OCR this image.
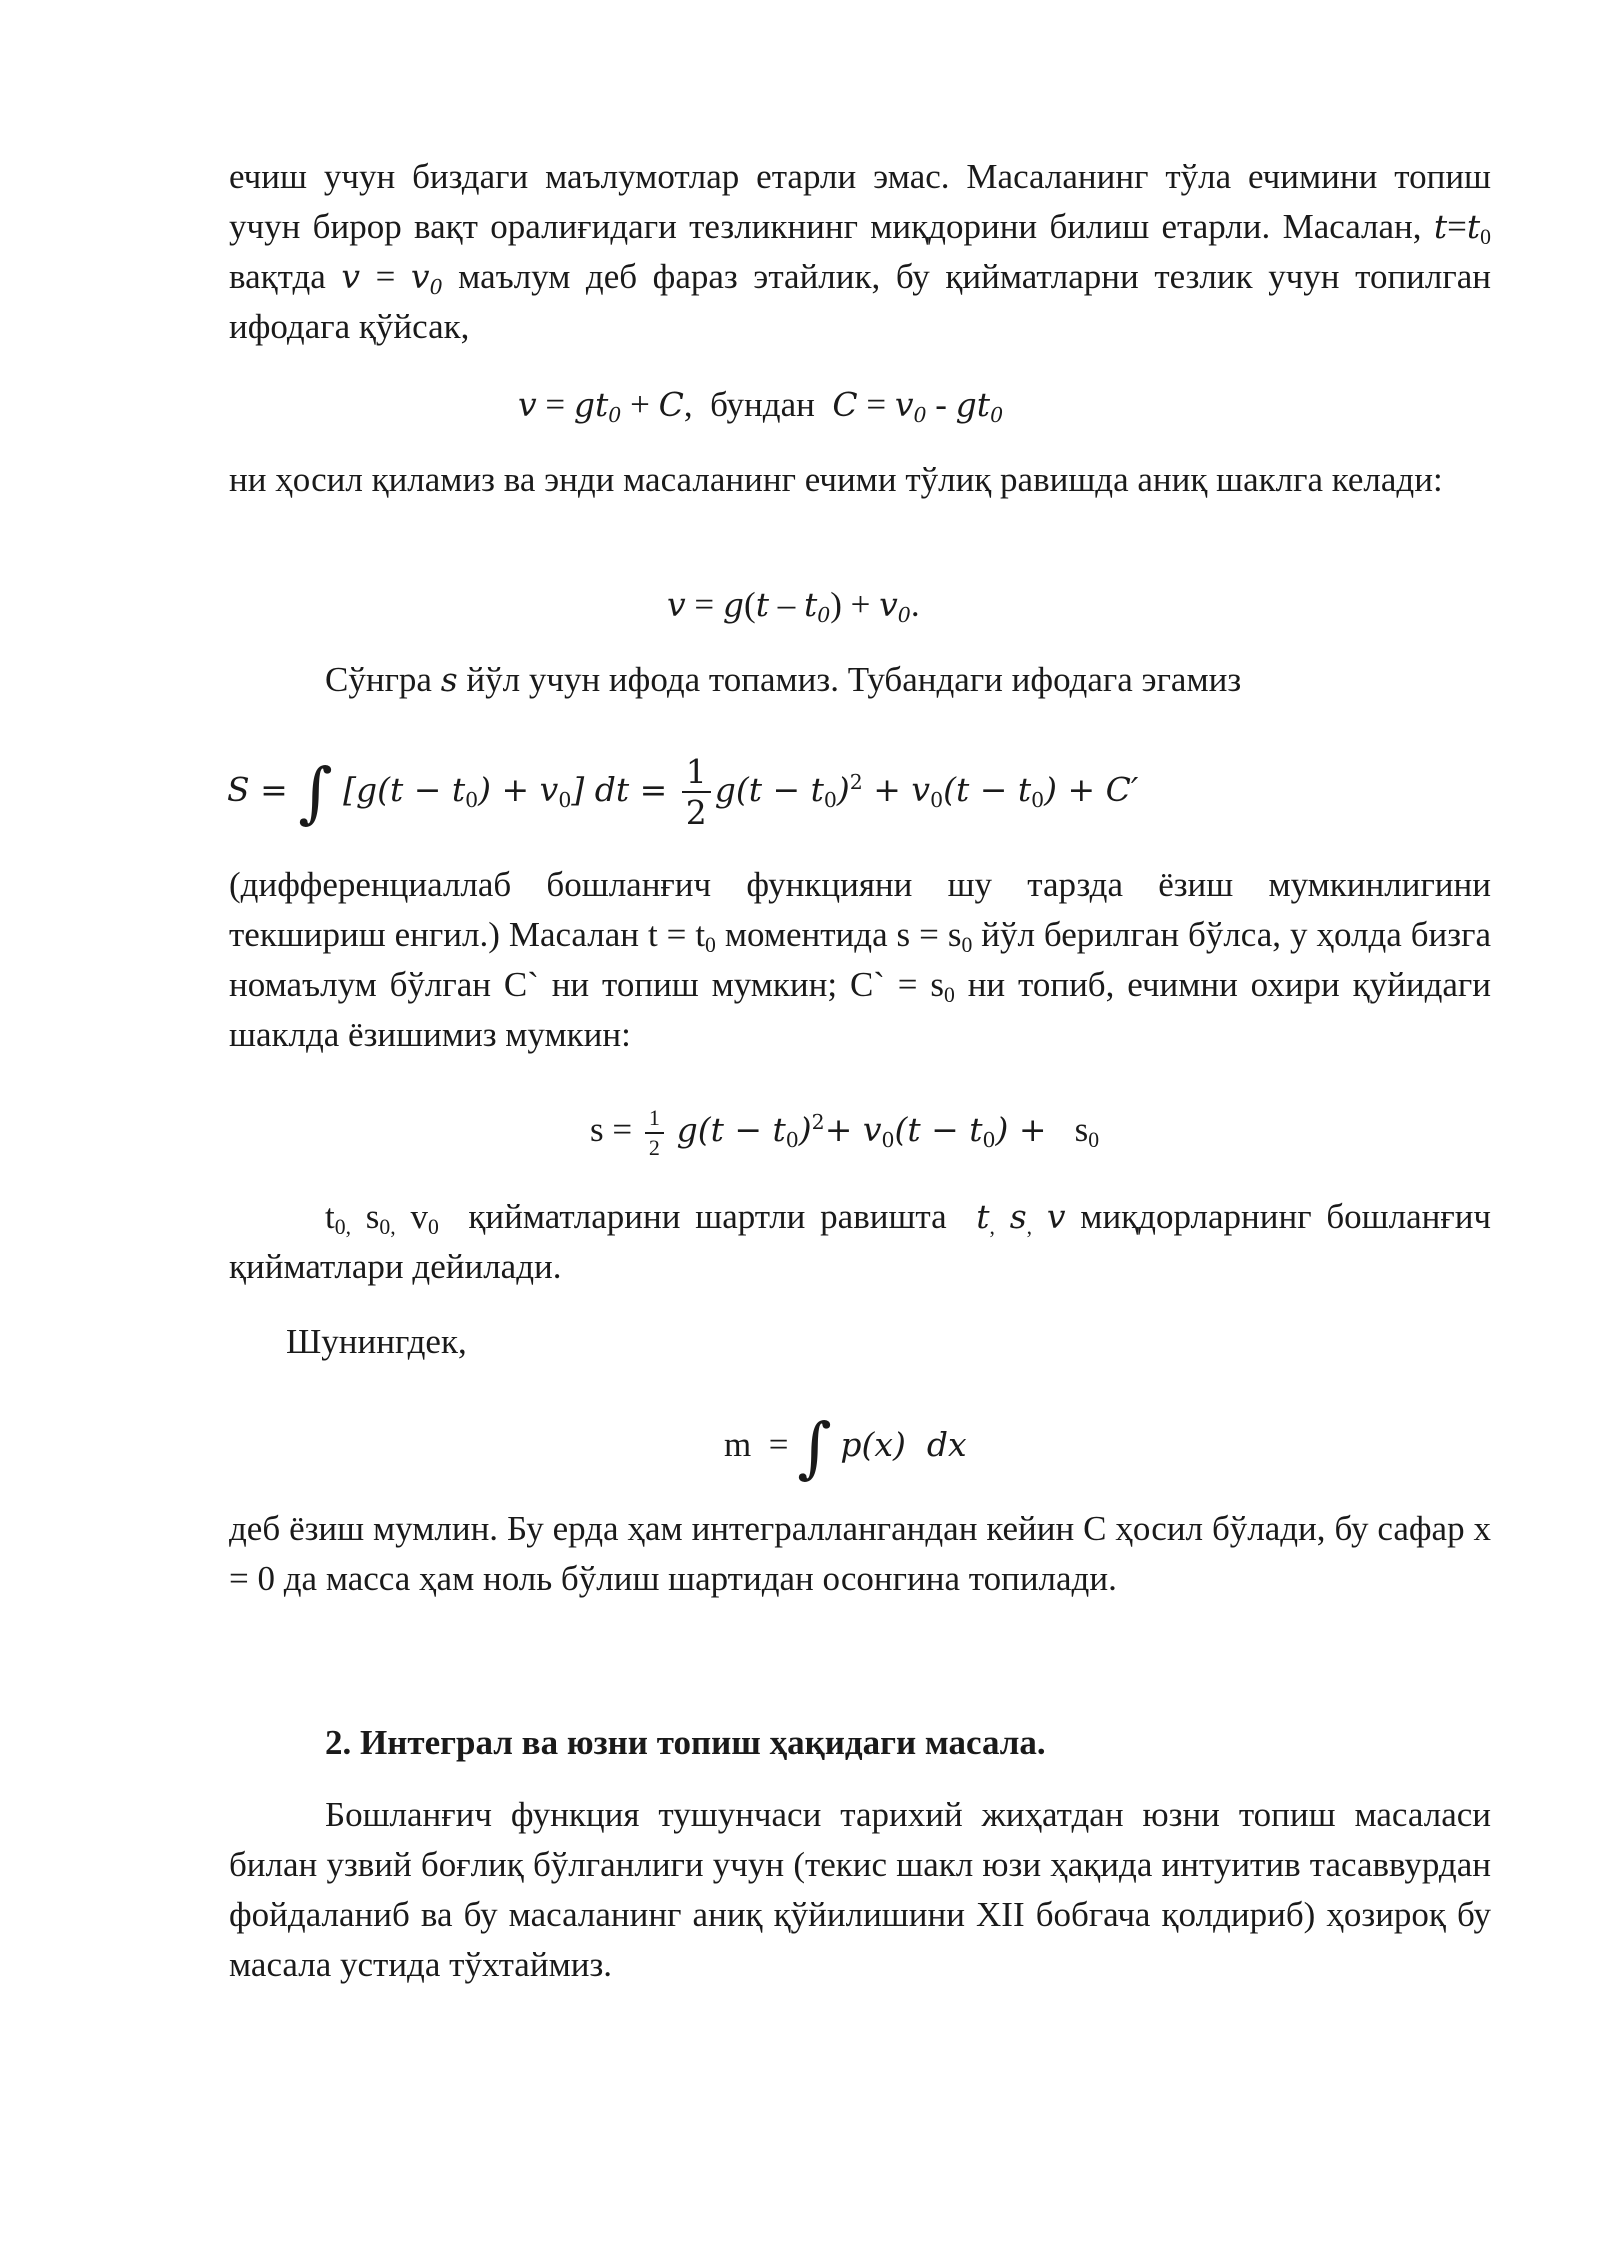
ечиш учун биздаги маълумотлар етарли эмас. Масаланинг тўла ечимини топиш учун бирор вақт оралиғидаги тезликнинг миқдорини билиш етарли. Масалан, $t=t_0$ вақтда $v = v_0$ маълум деб фараз этайлик, бу қийматларни тезлик учун топилган ифодага қўйсак,

$v = gt_0 + C$,  бундан $C = v_0 - gt_0$

ни ҳосил қиламиз ва энди масаланинг ечими тўлиқ равишда аниқ шаклга келади:

$v = g(t - t_0) + v_0$.

Сўнгра s йўл учун ифода топамиз. Тубандаги ифодага эгамиз

S = ∫ $[g(t - t_0) + v_0]$ dt = $\frac{1}{2} g(t - t_0)^2 + v_0(t - t_0) + C'$

(дифференциаллаб бошланғич функцияни шу тарзда ёзиш мумкинлигини текшириш енгил.) Масалан $t = t_0$ моментида $s = s_0$ йўл берилган бўлса, у ҳолда бизга номаълум бўлган C` ни топиш мумкин; C` = $s_0$ ни топиб, ечимни охири қуйидаги шаклда ёзишимиз мумкин:

$s = \frac{1}{2} g(t - t_0)^2+ v_0(t - t_0) + s_0$

$t_{0,}$ $s_{0,}$ $v_0$ қийматларини шартли равишта $t_,$ $s_,$ v миқдорларнинг бошланғич қийматлари дейилади.

Шунингдек,

m  = ∫ p(x)  dx

деб ёзиш мумлин. Бу ерда ҳам интеграллангандан кейин C ҳосил бўлади, бу сафар x = 0 да масса ҳам ноль бўлиш шартидан осонгина топилади.

2. Интеграл ва юзни топиш ҳақидаги масала.

Бошланғич функция тушунчаси тарихий жиҳатдан юзни топиш масаласи билан узвий боғлиқ бўлганлиги учун (текис шакл юзи ҳақида интуитив тасаввурдан фойдаланиб ва бу масаланинг аниқ қўйилишини XII бобгача қолдириб) ҳозироқ бу масала устида тўхтаймиз.
